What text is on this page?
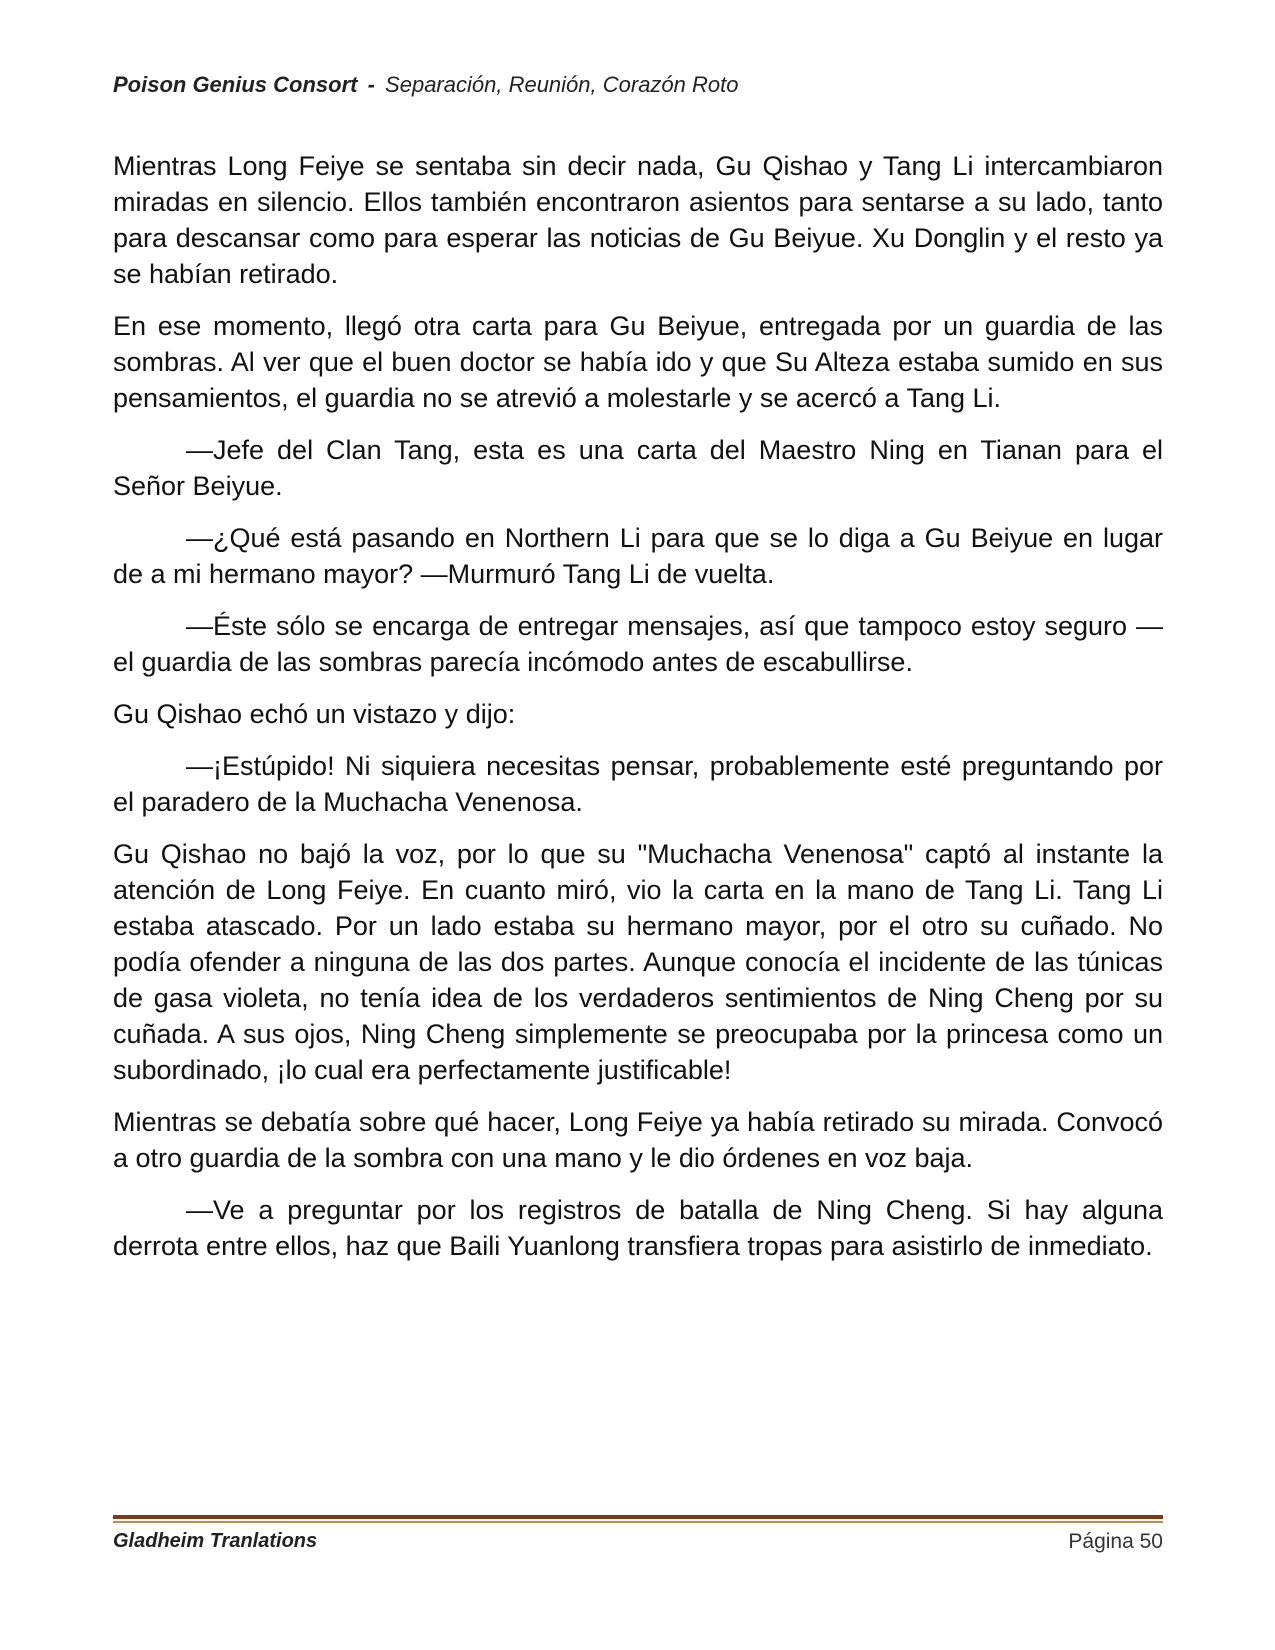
Poison Genius Consort - Separación, Reunión, Corazón Roto

Mientras Long Feiye se sentaba sin decir nada, Gu Qishao y Tang Li intercambiaron miradas en silencio. Ellos también encontraron asientos para sentarse a su lado, tanto para descansar como para esperar las noticias de Gu Beiyue. Xu Donglin y el resto ya se habían retirado.

En ese momento, llegó otra carta para Gu Beiyue, entregada por un guardia de las sombras. Al ver que el buen doctor se había ido y que Su Alteza estaba sumido en sus pensamientos, el guardia no se atrevió a molestarle y se acercó a Tang Li.

—Jefe del Clan Tang, esta es una carta del Maestro Ning en Tianan para el Señor Beiyue.

—¿Qué está pasando en Northern Li para que se lo diga a Gu Beiyue en lugar de a mi hermano mayor? —Murmuró Tang Li de vuelta.

—Éste sólo se encarga de entregar mensajes, así que tampoco estoy seguro —el guardia de las sombras parecía incómodo antes de escabullirse.

Gu Qishao echó un vistazo y dijo:

—¡Estúpido! Ni siquiera necesitas pensar, probablemente esté preguntando por el paradero de la Muchacha Venenosa.

Gu Qishao no bajó la voz, por lo que su "Muchacha Venenosa" captó al instante la atención de Long Feiye. En cuanto miró, vio la carta en la mano de Tang Li. Tang Li estaba atascado. Por un lado estaba su hermano mayor, por el otro su cuñado. No podía ofender a ninguna de las dos partes. Aunque conocía el incidente de las túnicas de gasa violeta, no tenía idea de los verdaderos sentimientos de Ning Cheng por su cuñada. A sus ojos, Ning Cheng simplemente se preocupaba por la princesa como un subordinado, ¡lo cual era perfectamente justificable!

Mientras se debatía sobre qué hacer, Long Feiye ya había retirado su mirada. Convocó a otro guardia de la sombra con una mano y le dio órdenes en voz baja.

—Ve a preguntar por los registros de batalla de Ning Cheng. Si hay alguna derrota entre ellos, haz que Baili Yuanlong transfiera tropas para asistirlo de inmediato.

Gladheim Tranlations	Página 50
